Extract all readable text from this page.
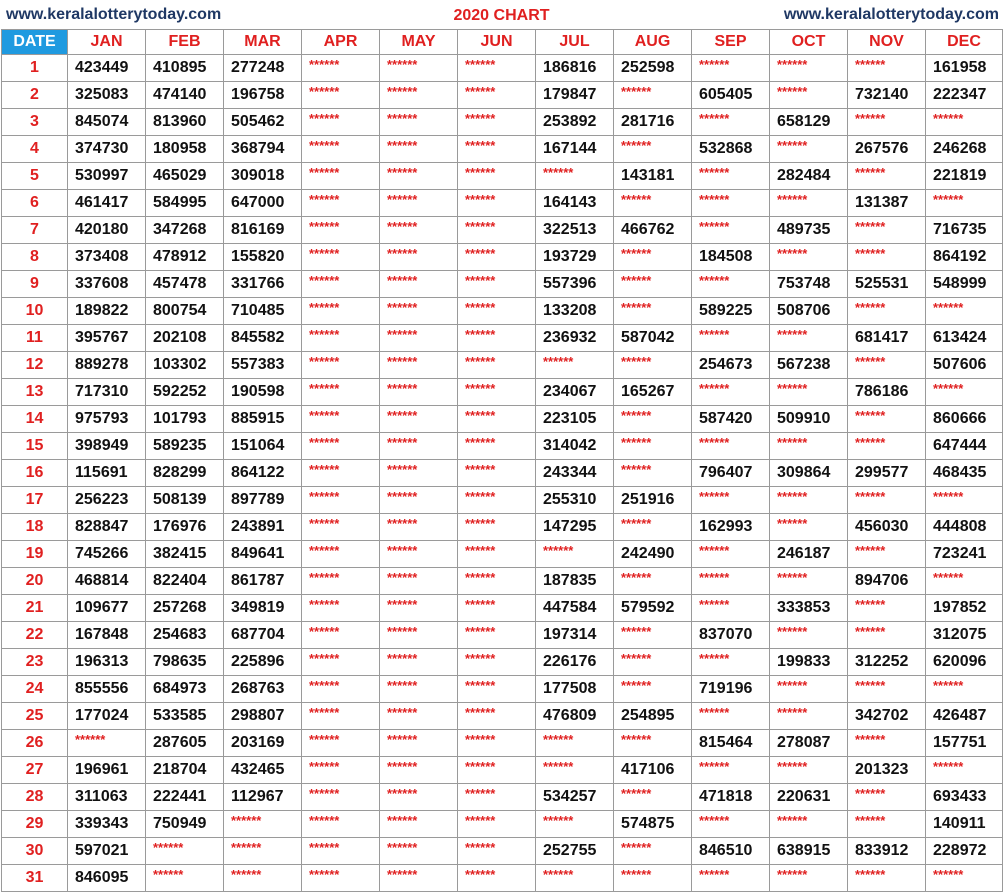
www.keralalotterytoday.com	2020 CHART	www.keralalotterytoday.com
DATE	JAN	FEB	MAR	APR	MAY	JUN	JUL	AUG	SEP	OCT	NOV	DEC
1	423449	410895	277248	******	******	******	186816	252598	******	******	******	161958
2	325083	474140	196758	******	******	******	179847	******	605405	******	732140	222347
3	845074	813960	505462	******	******	******	253892	281716	******	658129	******	******
4	374730	180958	368794	******	******	******	167144	******	532868	******	267576	246268
5	530997	465029	309018	******	******	******	******	143181	******	282484	******	221819
6	461417	584995	647000	******	******	******	164143	******	******	******	131387	******
7	420180	347268	816169	******	******	******	322513	466762	******	489735	******	716735
8	373408	478912	155820	******	******	******	193729	******	184508	******	******	864192
9	337608	457478	331766	******	******	******	557396	******	******	753748	525531	548999
10	189822	800754	710485	******	******	******	133208	******	589225	508706	******	******
11	395767	202108	845582	******	******	******	236932	587042	******	******	681417	613424
12	889278	103302	557383	******	******	******	******	******	254673	567238	******	507606
13	717310	592252	190598	******	******	******	234067	165267	******	******	786186	******
14	975793	101793	885915	******	******	******	223105	******	587420	509910	******	860666
15	398949	589235	151064	******	******	******	314042	******	******	******	******	647444
16	115691	828299	864122	******	******	******	243344	******	796407	309864	299577	468435
17	256223	508139	897789	******	******	******	255310	251916	******	******	******	******
18	828847	176976	243891	******	******	******	147295	******	162993	******	456030	444808
19	745266	382415	849641	******	******	******	******	242490	******	246187	******	723241
20	468814	822404	861787	******	******	******	187835	******	******	******	894706	******
21	109677	257268	349819	******	******	******	447584	579592	******	333853	******	197852
22	167848	254683	687704	******	******	******	197314	******	837070	******	******	312075
23	196313	798635	225896	******	******	******	226176	******	******	199833	312252	620096
24	855556	684973	268763	******	******	******	177508	******	719196	******	******	******
25	177024	533585	298807	******	******	******	476809	254895	******	******	342702	426487
26	******	287605	203169	******	******	******	******	******	815464	278087	******	157751
27	196961	218704	432465	******	******	******	******	417106	******	******	201323	******
28	311063	222441	112967	******	******	******	534257	******	471818	220631	******	693433
29	339343	750949	******	******	******	******	******	574875	******	******	******	140911
30	597021	******	******	******	******	******	252755	******	846510	638915	833912	228972
31	846095	******	******	******	******	******	******	******	******	******	******	******
